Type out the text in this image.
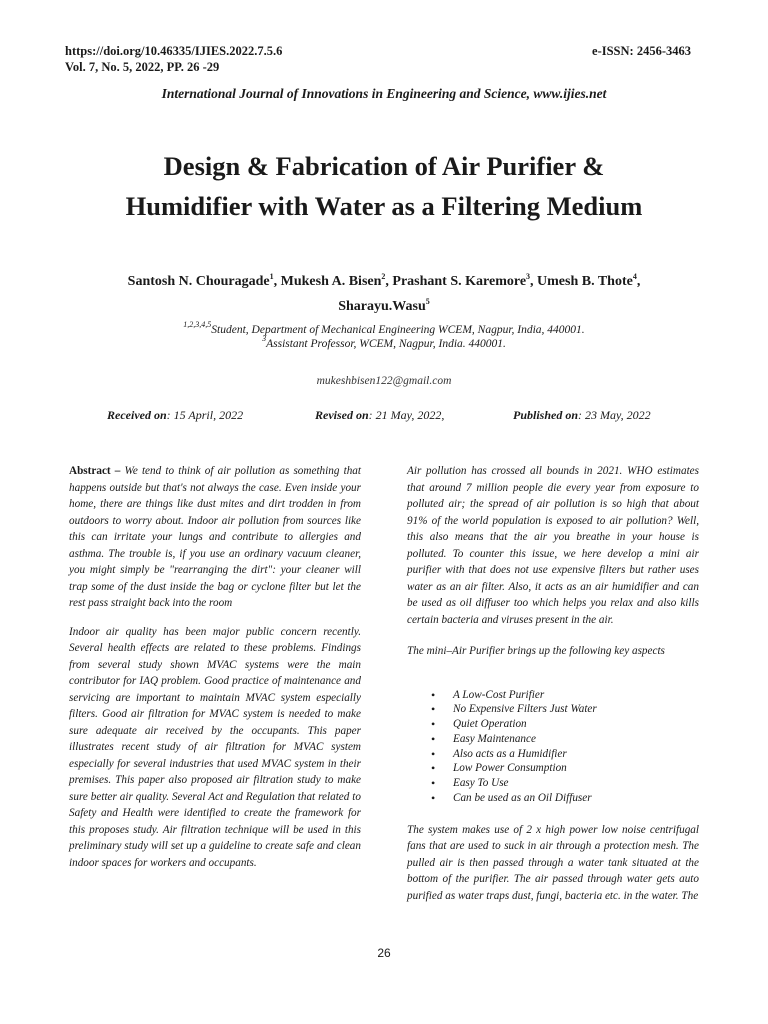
https://doi.org/10.46335/IJIES.2022.7.5.6
Vol. 7, No. 5, 2022, PP. 26 -29
e-ISSN: 2456-3463
International Journal of Innovations in Engineering and Science, www.ijies.net
Design & Fabrication of Air Purifier &
Humidifier with Water as a Filtering Medium
Santosh N. Chouragade$^1$, Mukesh A. Bisen$^2$, Prashant S. Karemore$^3$, Umesh B. Thote$^4$,
Sharayu.Wasu$^5$
$^{1,2,3,4,5}$Student, Department of Mechanical Engineering WCEM, Nagpur, India, 440001.
$^3$Assistant Professor, WCEM, Nagpur, India. 440001.
mukeshbisen122@gmail.com
Received on: 15 April, 2022	Revised on: 21 May, 2022,	Published on: 23 May, 2022

Abstract – We tend to think of air pollution as something that happens outside but that's not always the case. Even inside your home, there are things like dust mites and dirt trodden in from outdoors to worry about. Indoor air pollution from sources like this can irritate your lungs and contribute to allergies and asthma. The trouble is, if you use an ordinary vacuum cleaner, you might simply be "rearranging the dirt": your cleaner will trap some of the dust inside the bag or cyclone filter but let the rest pass straight back into the room

Indoor air quality has been major public concern recently. Several health effects are related to these problems. Findings from several study shown MVAC systems were the main contributor for IAQ problem. Good practice of maintenance and servicing are important to maintain MVAC system especially filters. Good air filtration for MVAC system is needed to make sure adequate air received by the occupants. This paper illustrates recent study of air filtration for MVAC system especially for several industries that used MVAC system in their premises. This paper also proposed air filtration study to make sure better air quality. Several Act and Regulation that related to Safety and Health were identified to create the framework for this proposes study. Air filtration technique will be used in this preliminary study will set up a guideline to create safe and clean indoor spaces for workers and occupants.

Air pollution has crossed all bounds in 2021. WHO estimates that around 7 million people die every year from exposure to polluted air; the spread of air pollution is so high that about 91% of the world population is exposed to air pollution? Well, this also means that the air you breathe in your house is polluted. To counter this issue, we here develop a mini air purifier with that does not use expensive filters but rather uses water as an air filter. Also, it acts as an air humidifier and can be used as oil diffuser too which helps you relax and also kills certain bacteria and viruses present in the air.

The mini–Air Purifier brings up the following key aspects

• A Low-Cost Purifier
• No Expensive Filters Just Water
• Quiet Operation
• Easy Maintenance
• Also acts as a Humidifier
• Low Power Consumption
• Easy To Use
• Can be used as an Oil Diffuser

The system makes use of 2 x high power low noise centrifugal fans that are used to suck in air through a protection mesh. The pulled air is then passed through a water tank situated at the bottom of the purifier. The air passed through water gets auto purified as water traps dust, fungi, bacteria etc. in the water. The

26
